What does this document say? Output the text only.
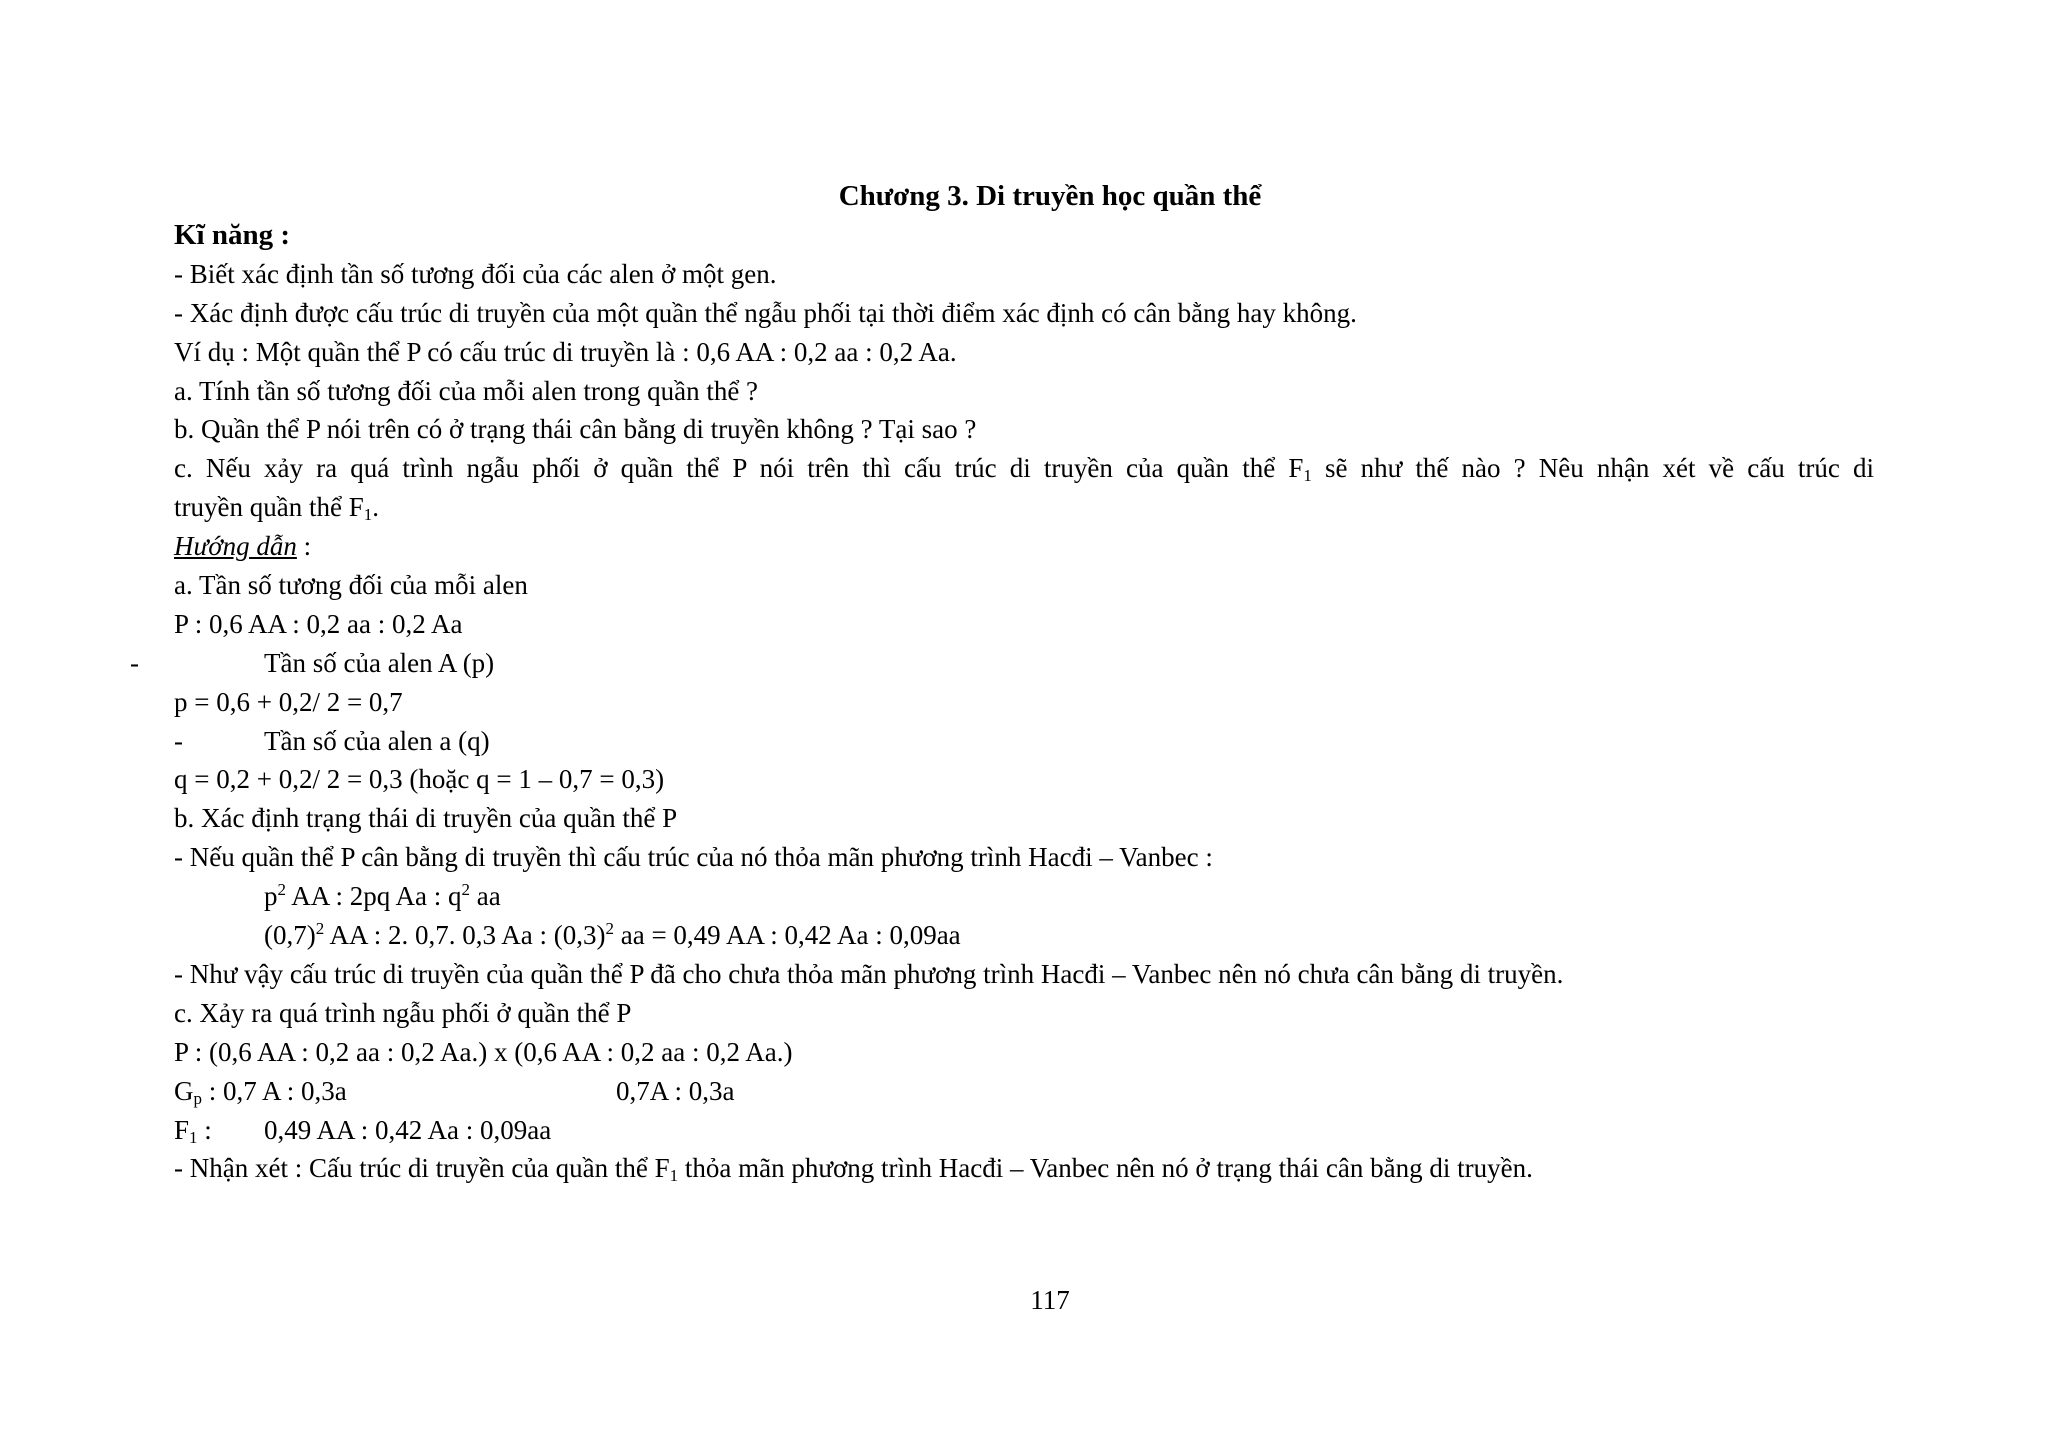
Chương 3. Di truyền học quần thể
Kĩ năng :
- Biết xác định tần số tương đối của các alen ở một gen.
- Xác định được cấu trúc di truyền của một quần thể ngẫu phối tại thời điểm xác định có cân bằng hay không.
Ví dụ : Một quần thể P có cấu trúc di truyền là : 0,6 AA : 0,2 aa : 0,2 Aa.
a. Tính tần số tương đối của mỗi alen trong quần thể ?
b. Quần thể P nói trên có ở trạng thái cân bằng di truyền không ? Tại sao ?
c. Nếu xảy ra quá trình ngẫu phối ở quần thể P nói trên thì cấu trúc di truyền của quần thể $F_1$ sẽ như thế nào ? Nêu nhận xét về cấu trúc di
truyền quần thể $F_1$.
Hướng dẫn :
a. Tần số tương đối của mỗi alen
P : 0,6 AA : 0,2 aa : 0,2 Aa
-	Tần số của alen A (p)
p = 0,6 + 0,2/ 2 = 0,7
-	Tần số của alen a (q)
q = 0,2 + 0,2/ 2 = 0,3 (hoặc q = 1 – 0,7 = 0,3)
b. Xác định trạng thái di truyền của quần thể P
- Nếu quần thể P cân bằng di truyền thì cấu trúc của nó thỏa mãn phương trình Hacđi – Vanbec :
$p^2$ AA : 2pq Aa : $q^2$ aa
$(0,7)^2$ AA : 2. 0,7. 0,3 Aa : $(0,3)^2$ aa = 0,49 AA : 0,42 Aa : 0,09aa
- Như vậy cấu trúc di truyền của quần thể P đã cho chưa thỏa mãn phương trình Hacđi – Vanbec nên nó chưa cân bằng di truyền.
c. Xảy ra quá trình ngẫu phối ở quần thể P
P : (0,6 AA : 0,2 aa : 0,2 Aa.) x (0,6 AA : 0,2 aa : 0,2 Aa.)
$G_p$ : 0,7 A : 0,3a	0,7A : 0,3a
$F_1$ : 0,49 AA : 0,42 Aa : 0,09aa
- Nhận xét : Cấu trúc di truyền của quần thể $F_1$ thỏa mãn phương trình Hacđi – Vanbec nên nó ở trạng thái cân bằng di truyền.
117
